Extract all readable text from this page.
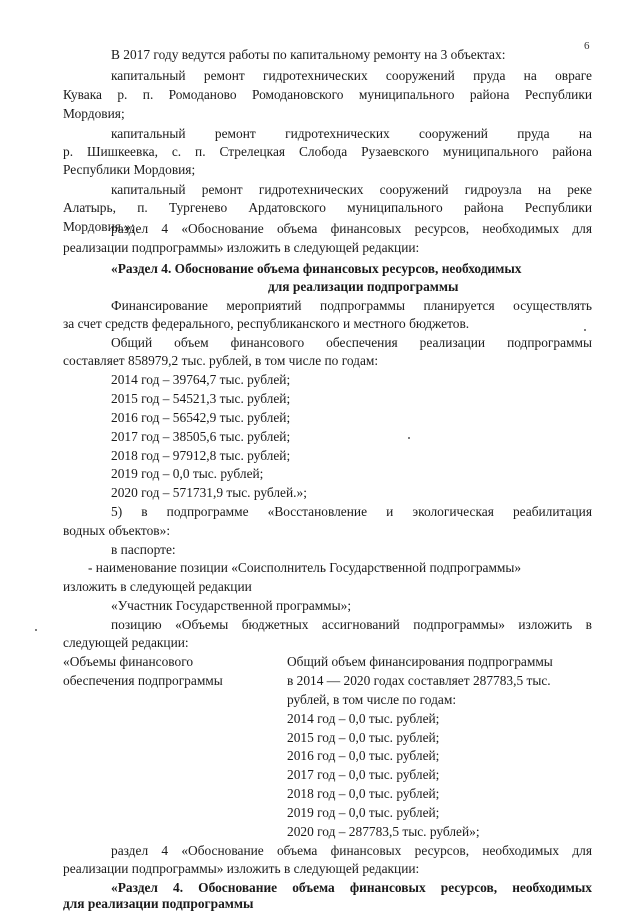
6
В 2017 году ведутся работы по капитальному ремонту на 3 объектах:
капитальный ремонт гидротехнических сооружений пруда на овраге
Кувака р. п. Ромоданово Ромодановского муниципального района Республики
Мордовия;
капитальный ремонт гидротехнических сооружений пруда на
р. Шишкеевка, с. п. Стрелецкая Слобода Рузаевского муниципального района
Республики Мордовия;
капитальный ремонт гидротехнических сооружений гидроузла на реке
Алатырь, п. Тургенево Ардатовского муниципального района Республики
Мордовия.»;
раздел 4 «Обоснование объема финансовых ресурсов, необходимых для
реализации подпрограммы» изложить в следующей редакции:
«Раздел 4. Обоснование объема финансовых ресурсов, необходимых
для реализации подпрограммы
Финансирование мероприятий подпрограммы планируется осуществлять
за счет средств федерального, республиканского и местного бюджетов.
Общий объем финансового обеспечения реализации подпрограммы
составляет 858979,2 тыс. рублей, в том числе по годам:
2014 год – 39764,7 тыс. рублей;
2015 год – 54521,3 тыс. рублей;
2016 год – 56542,9 тыс. рублей;
2017 год – 38505,6 тыс. рублей;
2018 год – 97912,8 тыс. рублей;
2019 год – 0,0 тыс. рублей;
2020 год – 571731,9 тыс. рублей.»;
5) в подпрограмме «Восстановление и экологическая реабилитация
водных объектов»:
в паспорте:
- наименование позиции «Соисполнитель Государственной подпрограммы»
изложить в следующей редакции
«Участник Государственной программы»;
позицию «Объемы бюджетных ассигнований подпрограммы» изложить в
следующей редакции:
«Объемы финансового
обеспечения подпрограммы
Общий объем финансирования подпрограммы
в 2014 — 2020 годах составляет 287783,5 тыс.
рублей, в том числе по годам:
2014 год – 0,0 тыс. рублей;
2015 год – 0,0 тыс. рублей;
2016 год – 0,0 тыс. рублей;
2017 год – 0,0 тыс. рублей;
2018 год – 0,0 тыс. рублей;
2019 год – 0,0 тыс. рублей;
2020 год – 287783,5 тыс. рублей»;
раздел 4 «Обоснование объема финансовых ресурсов, необходимых для
реализации подпрограммы» изложить в следующей редакции:
«Раздел 4. Обоснование объема финансовых ресурсов, необходимых
для реализации подпрограммы
